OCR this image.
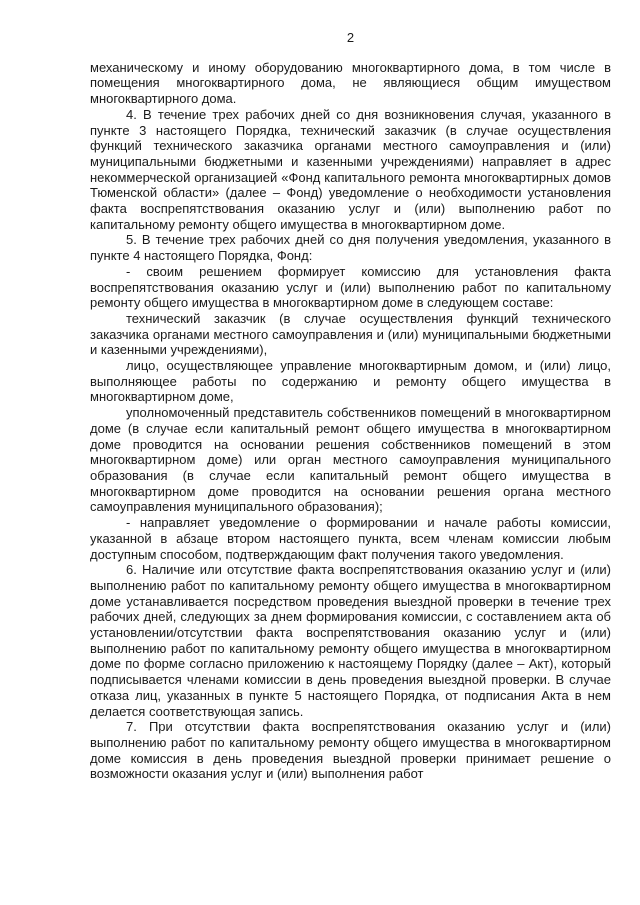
2

механическому и иному оборудованию многоквартирного дома, в том числе в помещения многоквартирного дома, не являющиеся общим имуществом многоквартирного дома.

4. В течение трех рабочих дней со дня возникновения случая, указанного в пункте 3 настоящего Порядка, технический заказчик (в случае осуществления функций технического заказчика органами местного самоуправления и (или) муниципальными бюджетными и казенными учреждениями) направляет в адрес некоммерческой организацией «Фонд капитального ремонта многоквартирных домов Тюменской области» (далее – Фонд) уведомление о необходимости установления факта воспрепятствования оказанию услуг и (или) выполнению работ по капитальному ремонту общего имущества в многоквартирном доме.

5. В течение трех рабочих дней со дня получения уведомления, указанного в пункте 4 настоящего Порядка, Фонд:

- своим решением формирует комиссию для установления факта воспрепятствования оказанию услуг и (или) выполнению работ по капитальному ремонту общего имущества в многоквартирном доме в следующем составе:

технический заказчик (в случае осуществления функций технического заказчика органами местного самоуправления и (или) муниципальными бюджетными и казенными учреждениями),

лицо, осуществляющее управление многоквартирным домом, и (или) лицо, выполняющее работы по содержанию и ремонту общего имущества в многоквартирном доме,

уполномоченный представитель собственников помещений в многоквартирном доме (в случае если капитальный ремонт общего имущества в многоквартирном доме проводится на основании решения собственников помещений в этом многоквартирном доме) или орган местного самоуправления муниципального образования (в случае если капитальный ремонт общего имущества в многоквартирном доме проводится на основании решения органа местного самоуправления муниципального образования);

- направляет уведомление о формировании и начале работы комиссии, указанной в абзаце втором настоящего пункта, всем членам комиссии любым доступным способом, подтверждающим факт получения такого уведомления.

6. Наличие или отсутствие факта воспрепятствования оказанию услуг и (или) выполнению работ по капитальному ремонту общего имущества в многоквартирном доме устанавливается посредством проведения выездной проверки в течение трех рабочих дней, следующих за днем формирования комиссии, с составлением акта об установлении/отсутствии факта воспрепятствования оказанию услуг и (или) выполнению работ по капитальному ремонту общего имущества в многоквартирном доме по форме согласно приложению к настоящему Порядку (далее – Акт), который подписывается членами комиссии в день проведения выездной проверки. В случае отказа лиц, указанных в пункте 5 настоящего Порядка, от подписания Акта в нем делается соответствующая запись.

7. При отсутствии факта воспрепятствования оказанию услуг и (или) выполнению работ по капитальному ремонту общего имущества в многоквартирном доме комиссия в день проведения выездной проверки принимает решение о возможности оказания услуг и (или) выполнения работ
